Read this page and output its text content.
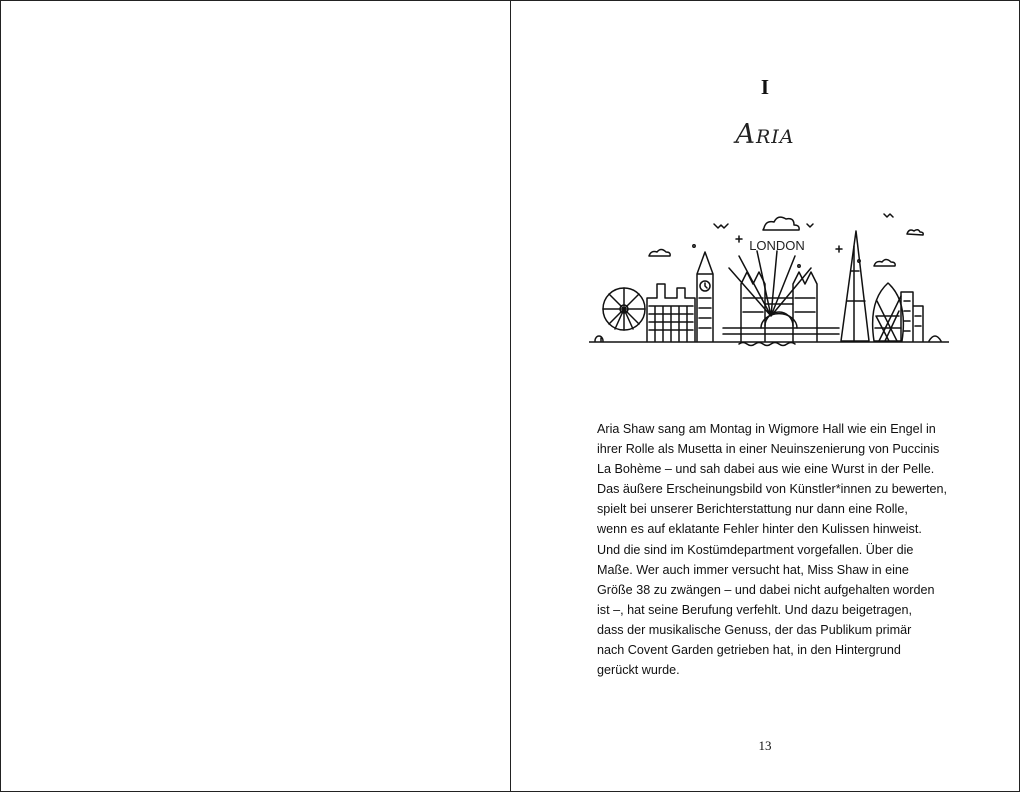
I
Aria
LONDON
Aria Shaw sang am Montag in Wigmore Hall wie ein Engel in
ihrer Rolle als Musetta in einer Neuinszenierung von Puccinis
La Bohème – und sah dabei aus wie eine Wurst in der Pelle.
Das äußere Erscheinungsbild von Künstler*innen zu bewerten,
spielt bei unserer Berichterstattung nur dann eine Rolle,
wenn es auf eklatante Fehler hinter den Kulissen hinweist.
Und die sind im Kostümdepartment vorgefallen. Über die
Maße. Wer auch immer versucht hat, Miss Shaw in eine
Größe 38 zu zwängen – und dabei nicht aufgehalten worden
ist –, hat seine Berufung verfehlt. Und dazu beigetragen,
dass der musikalische Genuss, der das Publikum primär
nach Covent Garden getrieben hat, in den Hintergrund
gerückt wurde.
13
